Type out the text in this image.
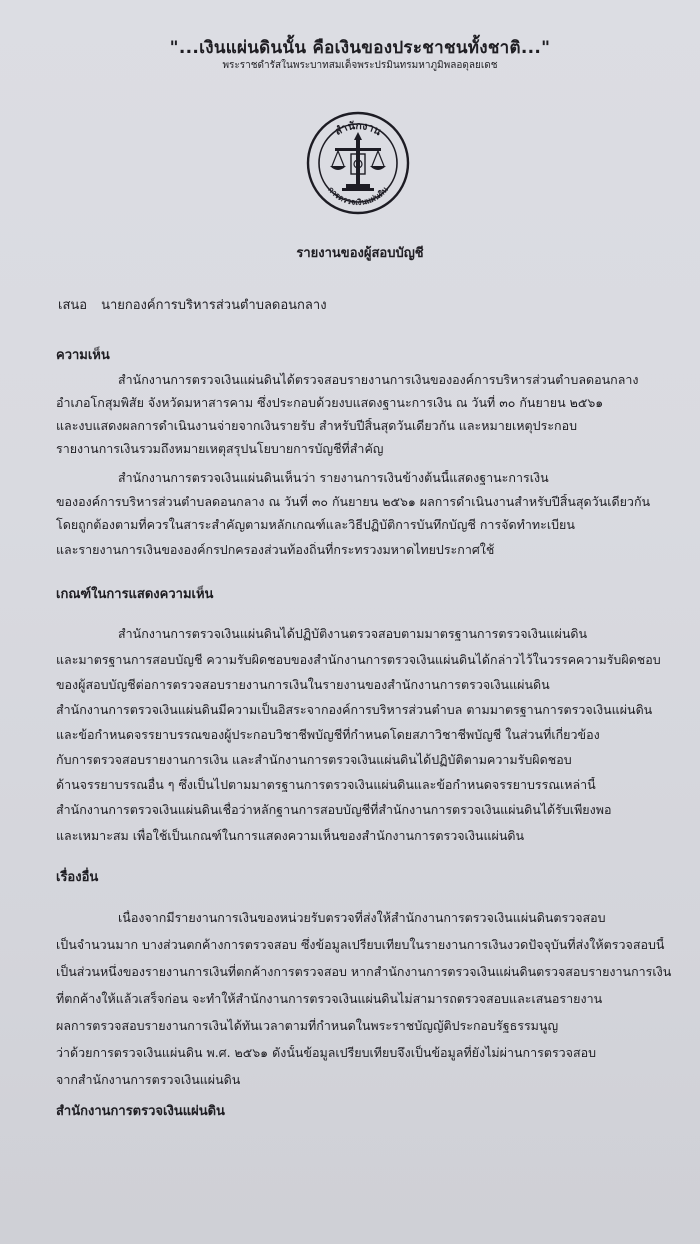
"...เงินแผ่นดินนั้น คือเงินของประชาชนทั้งชาติ..."
พระราชดำรัสในพระบาทสมเด็จพระปรมินทรมหาภูมิพลอดุลยเดช
สำนักงาน
การตรวจเงินแผ่นดิน
รายงานของผู้สอบบัญชี
เสนอ นายกองค์การบริหารส่วนตำบลดอนกลาง
ความเห็น
สำนักงานการตรวจเงินแผ่นดินได้ตรวจสอบรายงานการเงินขององค์การบริหารส่วนตำบลดอนกลาง
อำเภอโกสุมพิสัย จังหวัดมหาสารคาม ซึ่งประกอบด้วยงบแสดงฐานะการเงิน ณ วันที่ ๓๐ กันยายน ๒๕๖๑
และงบแสดงผลการดำเนินงานจ่ายจากเงินรายรับ สำหรับปีสิ้นสุดวันเดียวกัน และหมายเหตุประกอบ
รายงานการเงินรวมถึงหมายเหตุสรุปนโยบายการบัญชีที่สำคัญ
สำนักงานการตรวจเงินแผ่นดินเห็นว่า รายงานการเงินข้างต้นนี้แสดงฐานะการเงิน
ขององค์การบริหารส่วนตำบลดอนกลาง ณ วันที่ ๓๐ กันยายน ๒๕๖๑ ผลการดำเนินงานสำหรับปีสิ้นสุดวันเดียวกัน
โดยถูกต้องตามที่ควรในสาระสำคัญตามหลักเกณฑ์และวิธีปฏิบัติการบันทึกบัญชี การจัดทำทะเบียน
และรายงานการเงินขององค์กรปกครองส่วนท้องถิ่นที่กระทรวงมหาดไทยประกาศใช้
เกณฑ์ในการแสดงความเห็น
สำนักงานการตรวจเงินแผ่นดินได้ปฏิบัติงานตรวจสอบตามมาตรฐานการตรวจเงินแผ่นดิน
และมาตรฐานการสอบบัญชี ความรับผิดชอบของสำนักงานการตรวจเงินแผ่นดินได้กล่าวไว้ในวรรคความรับผิดชอบ
ของผู้สอบบัญชีต่อการตรวจสอบรายงานการเงินในรายงานของสำนักงานการตรวจเงินแผ่นดิน
สำนักงานการตรวจเงินแผ่นดินมีความเป็นอิสระจากองค์การบริหารส่วนตำบล ตามมาตรฐานการตรวจเงินแผ่นดิน
และข้อกำหนดจรรยาบรรณของผู้ประกอบวิชาชีพบัญชีที่กำหนดโดยสภาวิชาชีพบัญชี ในส่วนที่เกี่ยวข้อง
กับการตรวจสอบรายงานการเงิน และสำนักงานการตรวจเงินแผ่นดินได้ปฏิบัติตามความรับผิดชอบ
ด้านจรรยาบรรณอื่น ๆ ซึ่งเป็นไปตามมาตรฐานการตรวจเงินแผ่นดินและข้อกำหนดจรรยาบรรณเหล่านี้
สำนักงานการตรวจเงินแผ่นดินเชื่อว่าหลักฐานการสอบบัญชีที่สำนักงานการตรวจเงินแผ่นดินได้รับเพียงพอ
และเหมาะสม เพื่อใช้เป็นเกณฑ์ในการแสดงความเห็นของสำนักงานการตรวจเงินแผ่นดิน
เรื่องอื่น
เนื่องจากมีรายงานการเงินของหน่วยรับตรวจที่ส่งให้สำนักงานการตรวจเงินแผ่นดินตรวจสอบ
เป็นจำนวนมาก บางส่วนตกค้างการตรวจสอบ ซึ่งข้อมูลเปรียบเทียบในรายงานการเงินงวดปัจจุบันที่ส่งให้ตรวจสอบนี้
เป็นส่วนหนึ่งของรายงานการเงินที่ตกค้างการตรวจสอบ หากสำนักงานการตรวจเงินแผ่นดินตรวจสอบรายงานการเงิน
ที่ตกค้างให้แล้วเสร็จก่อน จะทำให้สำนักงานการตรวจเงินแผ่นดินไม่สามารถตรวจสอบและเสนอรายงาน
ผลการตรวจสอบรายงานการเงินได้ทันเวลาตามที่กำหนดในพระราชบัญญัติประกอบรัฐธรรมนูญ
ว่าด้วยการตรวจเงินแผ่นดิน พ.ศ. ๒๕๖๑ ดังนั้นข้อมูลเปรียบเทียบจึงเป็นข้อมูลที่ยังไม่ผ่านการตรวจสอบ
จากสำนักงานการตรวจเงินแผ่นดิน
สำนักงานการตรวจเงินแผ่นดิน
